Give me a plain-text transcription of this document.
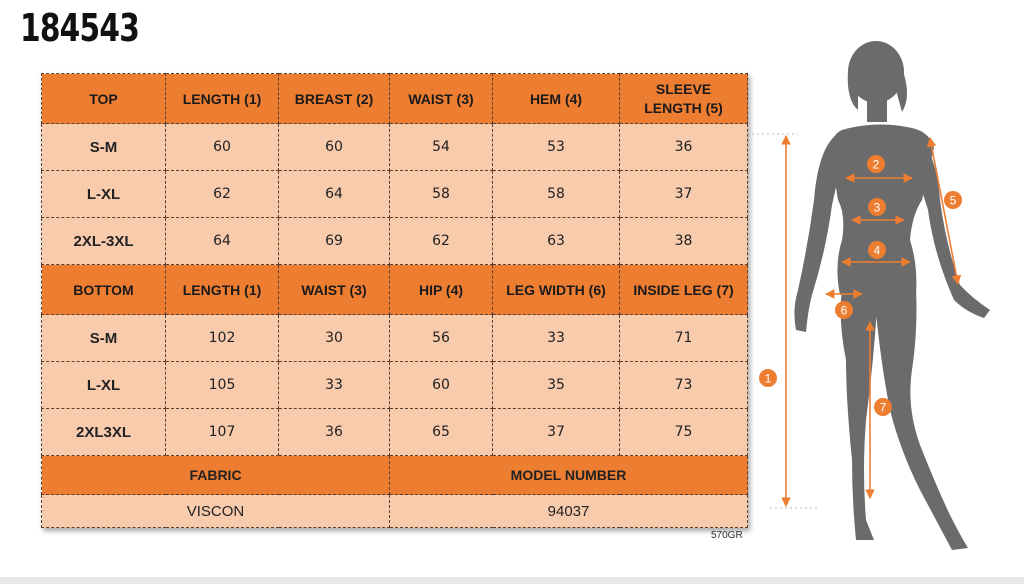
184543
TOP	LENGTH (1)	BREAST (2)	WAIST (3)	HEM (4)	SLEEVE LENGTH (5)
S-M	60	60	54	53	36
L-XL	62	64	58	58	37
2XL-3XL	64	69	62	63	38
BOTTOM	LENGTH (1)	WAIST (3)	HIP (4)	LEG WIDTH (6)	INSIDE LEG (7)
S-M	102	30	56	33	71
L-XL	105	33	60	35	73
2XL3XL	107	36	65	37	75
FABRIC			MODEL NUMBER		
VISCON			94037		
570GR
1
2
3
4
5
6
7
